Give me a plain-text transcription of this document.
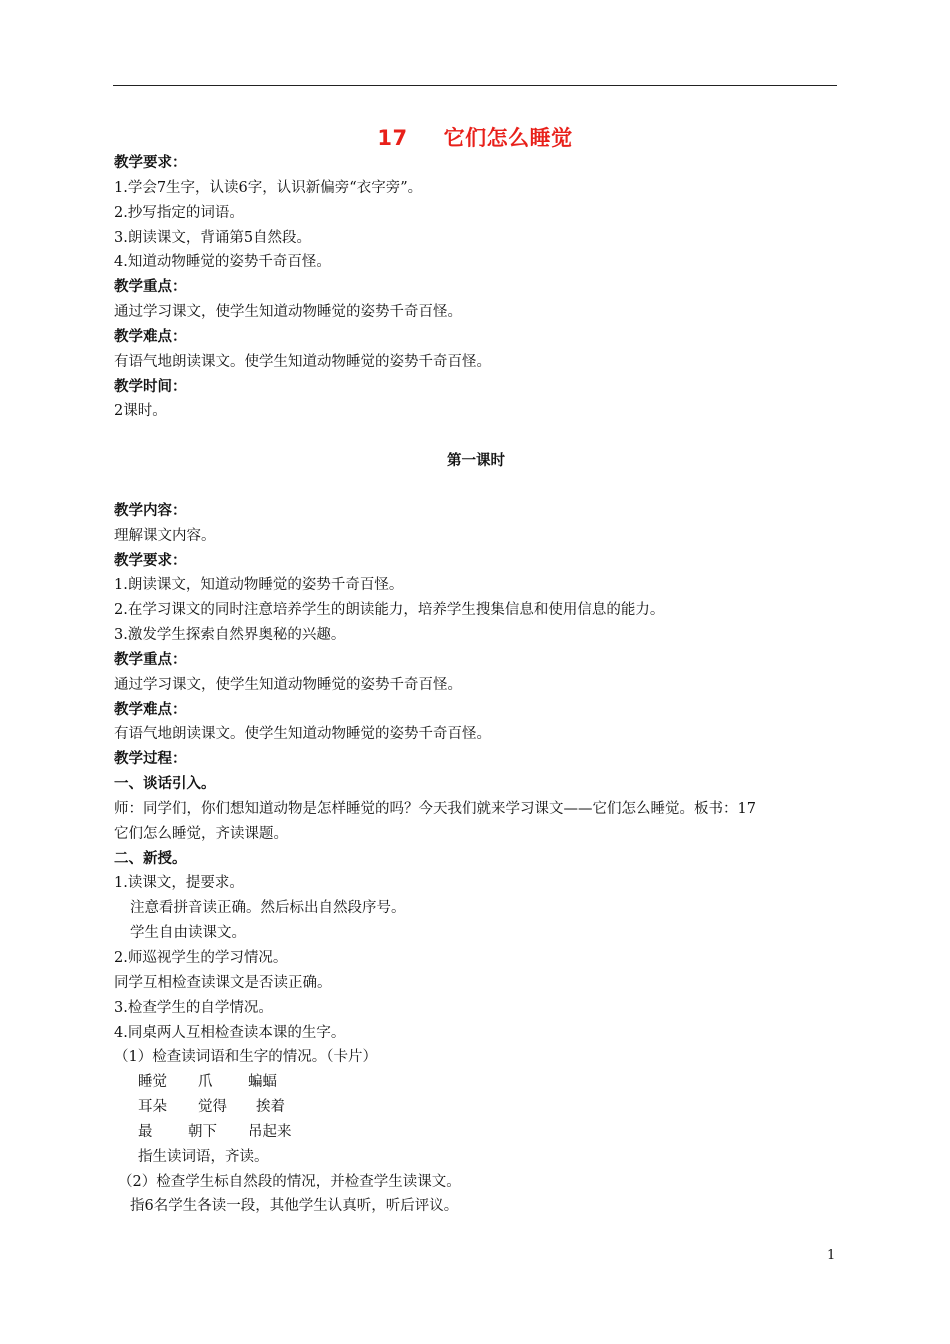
17 它们怎么睡觉
教学要求：
1.学会7生字，认读6字，认识新偏旁“衣字旁”。
2.抄写指定的词语。
3.朗读课文，背诵第5自然段。
4.知道动物睡觉的姿势千奇百怪。
教学重点：
通过学习课文，使学生知道动物睡觉的姿势千奇百怪。
教学难点：
有语气地朗读课文。使学生知道动物睡觉的姿势千奇百怪。
教学时间：
2课时。
第一课时
教学内容：
理解课文内容。
教学要求：
1.朗读课文，知道动物睡觉的姿势千奇百怪。
2.在学习课文的同时注意培养学生的朗读能力，培养学生搜集信息和使用信息的能力。
3.激发学生探索自然界奥秘的兴趣。
教学重点：
通过学习课文，使学生知道动物睡觉的姿势千奇百怪。
教学难点：
有语气地朗读课文。使学生知道动物睡觉的姿势千奇百怪。
教学过程：
一、谈话引入。
师：同学们，你们想知道动物是怎样睡觉的吗？今天我们就来学习课文——它们怎么睡觉。板书：17
它们怎么睡觉，齐读课题。
二、新授。
1.读课文，提要求。
注意看拼音读正确。然后标出自然段序号。
学生自由读课文。
2.师巡视学生的学习情况。
同学互相检查读课文是否读正确。
3.检查学生的自学情况。
4.同桌两人互相检查读本课的生字。
（1）检查读词语和生字的情况。（卡片）
睡觉 爪 蝙蝠
耳朵 觉得 挨着
最 朝下 吊起来
指生读词语，齐读。
（2）检查学生标自然段的情况，并检查学生读课文。
指6名学生各读一段，其他学生认真听，听后评议。
1
